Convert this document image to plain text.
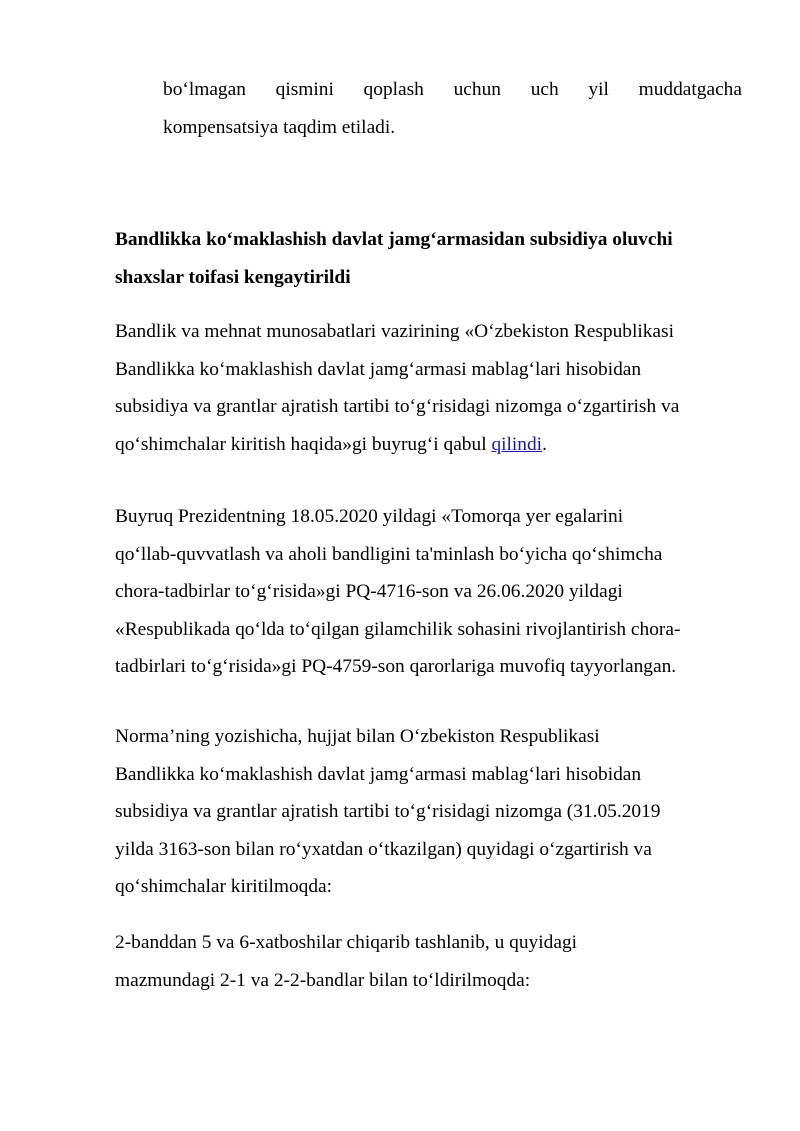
bo‘lmagan qismini qoplash uchun uch yil muddatgacha
kompensatsiya taqdim etiladi.

Bandlikka ko‘maklashish davlat jamg‘armasidan subsidiya oluvchi
shaxslar toifasi kengaytirildi

Bandlik va mehnat munosabatlari vazirining «O‘zbekiston Respublikasi
Bandlikka ko‘maklashish davlat jamg‘armasi mablag‘lari hisobidan
subsidiya va grantlar ajratish tartibi to‘g‘risidagi nizomga o‘zgartirish va
qo‘shimchalar kiritish haqida»gi buyrug‘i qabul qilindi.

Buyruq Prezidentning 18.05.2020 yildagi «Tomorqa yer egalarini
qo‘llab-quvvatlash va aholi bandligini ta'minlash bo‘yicha qo‘shimcha
chora-tadbirlar to‘g‘risida»gi PQ-4716-son va 26.06.2020 yildagi
«Respublikada qo‘lda to‘qilgan gilamchilik sohasini rivojlantirish chora-
tadbirlari to‘g‘risida»gi PQ-4759-son qarorlariga muvofiq tayyorlangan.

Norma’ning yozishicha, hujjat bilan O‘zbekiston Respublikasi
Bandlikka ko‘maklashish davlat jamg‘armasi mablag‘lari hisobidan
subsidiya va grantlar ajratish tartibi to‘g‘risidagi nizomga (31.05.2019
yilda 3163-son bilan ro‘yxatdan o‘tkazilgan) quyidagi o‘zgartirish va
qo‘shimchalar kiritilmoqda:

2-banddan 5 va 6-xatboshilar chiqarib tashlanib, u quyidagi
mazmundagi 2-1 va 2-2-bandlar bilan to‘ldirilmoqda:
